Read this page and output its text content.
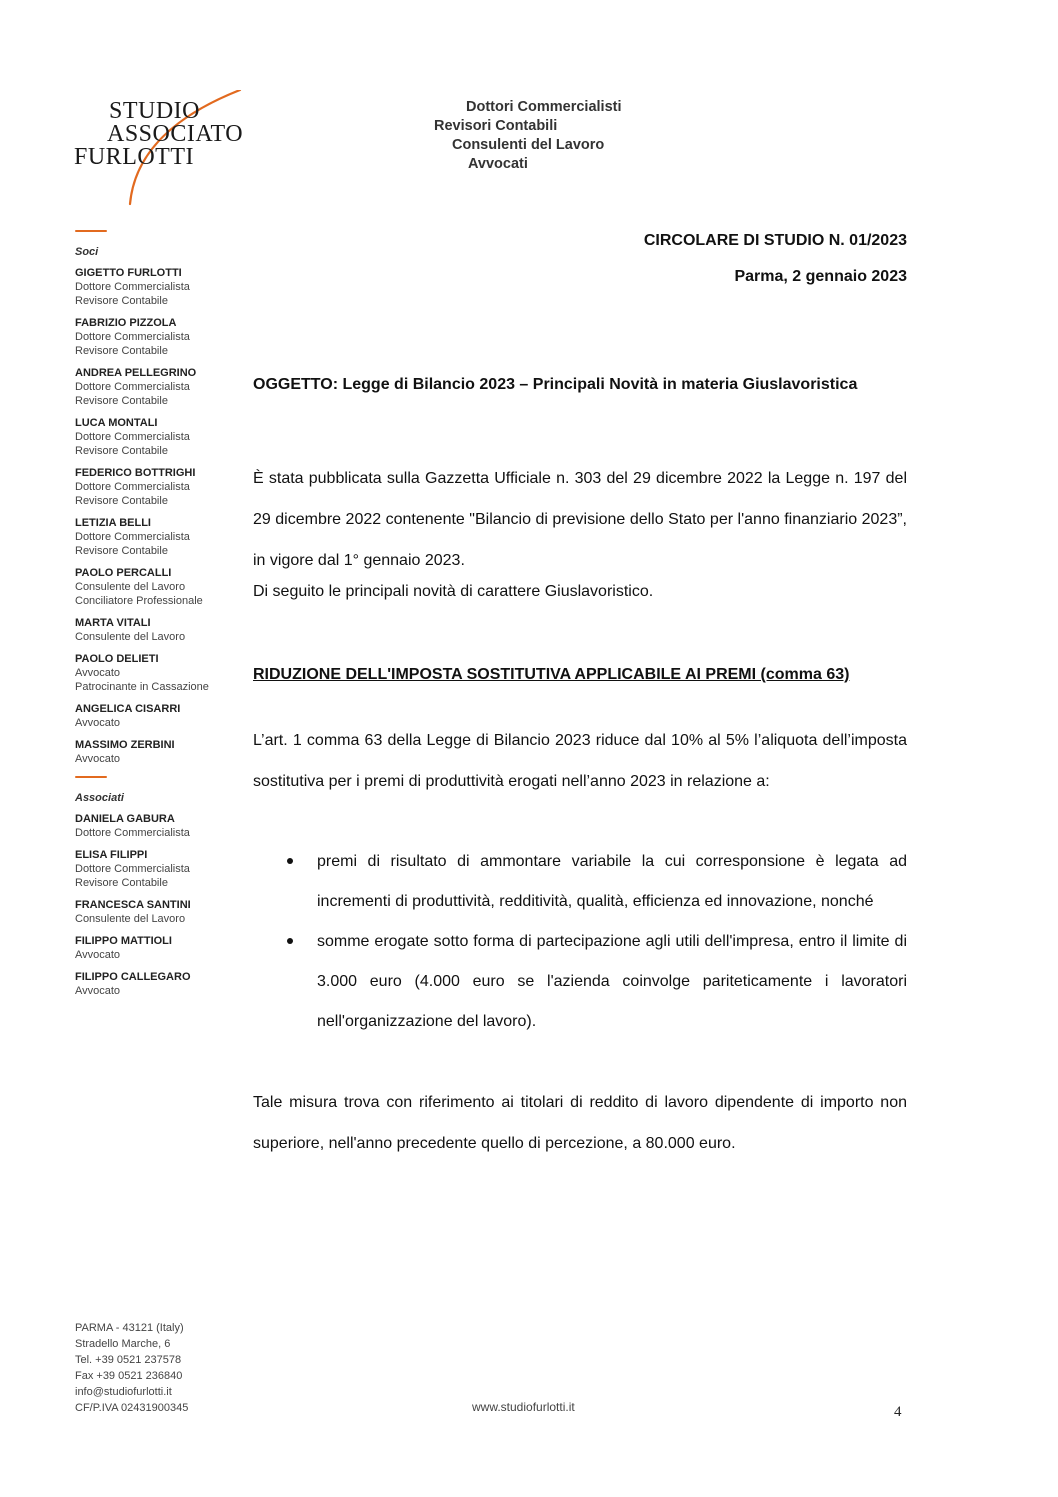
STUDIO
ASSOCIATO
FURLOTTI
Dottori Commercialisti
Revisori Contabili
Consulenti del Lavoro
Avvocati
Soci
GIGETTO FURLOTTI
Dottore Commercialista
Revisore Contabile
FABRIZIO PIZZOLA
Dottore Commercialista
Revisore Contabile
ANDREA PELLEGRINO
Dottore Commercialista
Revisore Contabile
LUCA MONTALI
Dottore Commercialista
Revisore Contabile
FEDERICO BOTTRIGHI
Dottore Commercialista
Revisore Contabile
LETIZIA BELLI
Dottore Commercialista
Revisore Contabile
PAOLO PERCALLI
Consulente del Lavoro
Conciliatore Professionale
MARTA VITALI
Consulente del Lavoro
PAOLO DELIETI
Avvocato
Patrocinante in Cassazione
ANGELICA CISARRI
Avvocato
MASSIMO ZERBINI
Avvocato
Associati
DANIELA GABURA
Dottore Commercialista
ELISA FILIPPI
Dottore Commercialista
Revisore Contabile
FRANCESCA SANTINI
Consulente del Lavoro
FILIPPO MATTIOLI
Avvocato
FILIPPO CALLEGARO
Avvocato
CIRCOLARE DI STUDIO N. 01/2023
Parma, 2 gennaio 2023
OGGETTO: Legge di Bilancio 2023 – Principali Novità in materia Giuslavoristica
È stata pubblicata sulla Gazzetta Ufficiale n. 303 del 29 dicembre 2022 la Legge n. 197 del 29 dicembre 2022 contenente "Bilancio di previsione dello Stato per l'anno finanziario 2023”, in vigore dal 1° gennaio 2023.
Di seguito le principali novità di carattere Giuslavoristico.
RIDUZIONE DELL'IMPOSTA SOSTITUTIVA APPLICABILE AI PREMI (comma 63)
L’art. 1 comma 63 della Legge di Bilancio 2023 riduce dal 10% al 5% l’aliquota dell’imposta sostitutiva per i premi di produttività erogati nell’anno 2023 in relazione a:
premi di risultato di ammontare variabile la cui corresponsione è legata ad incrementi di produttività, redditività, qualità, efficienza ed innovazione, nonché
somme erogate sotto forma di partecipazione agli utili dell'impresa, entro il limite di 3.000 euro (4.000 euro se l'azienda coinvolge pariteticamente i lavoratori nell'organizzazione del lavoro).
Tale misura trova con riferimento ai titolari di reddito di lavoro dipendente di importo non superiore, nell'anno precedente quello di percezione, a 80.000 euro.
PARMA - 43121 (Italy)
Stradello Marche, 6
Tel. +39 0521 237578
Fax +39 0521 236840
info@studiofurlotti.it
CF/P.IVA 02431900345	www.studiofurlotti.it	4
